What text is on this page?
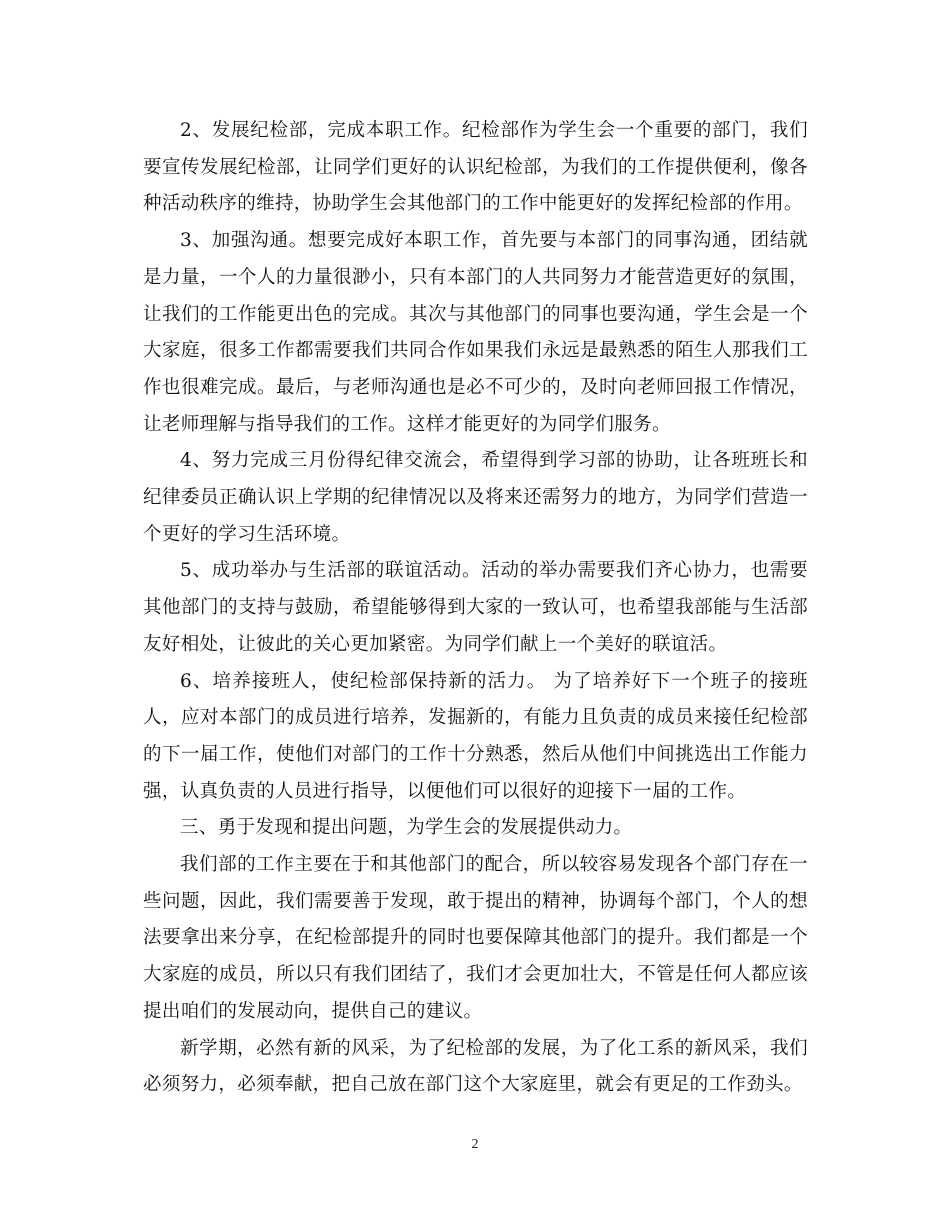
2、发展纪检部，完成本职工作。纪检部作为学生会一个重要的部门，我们要宣传发展纪检部，让同学们更好的认识纪检部，为我们的工作提供便利，像各种活动秩序的维持，协助学生会其他部门的工作中能更好的发挥纪检部的作用。

3、加强沟通。想要完成好本职工作，首先要与本部门的同事沟通，团结就是力量，一个人的力量很渺小，只有本部门的人共同努力才能营造更好的氛围，让我们的工作能更出色的完成。其次与其他部门的同事也要沟通，学生会是一个大家庭，很多工作都需要我们共同合作如果我们永远是最熟悉的陌生人那我们工作也很难完成。最后，与老师沟通也是必不可少的，及时向老师回报工作情况，让老师理解与指导我们的工作。这样才能更好的为同学们服务。

4、努力完成三月份得纪律交流会，希望得到学习部的协助，让各班班长和纪律委员正确认识上学期的纪律情况以及将来还需努力的地方，为同学们营造一个更好的学习生活环境。

5、成功举办与生活部的联谊活动。活动的举办需要我们齐心协力，也需要其他部门的支持与鼓励，希望能够得到大家的一致认可，也希望我部能与生活部友好相处，让彼此的关心更加紧密。为同学们献上一个美好的联谊活。

6、培养接班人，使纪检部保持新的活力。 为了培养好下一个班子的接班人，应对本部门的成员进行培养，发掘新的，有能力且负责的成员来接任纪检部的下一届工作，使他们对部门的工作十分熟悉，然后从他们中间挑选出工作能力强，认真负责的人员进行指导，以便他们可以很好的迎接下一届的工作。

三、勇于发现和提出问题，为学生会的发展提供动力。

我们部的工作主要在于和其他部门的配合，所以较容易发现各个部门存在一些问题，因此，我们需要善于发现，敢于提出的精神，协调每个部门，个人的想法要拿出来分享，在纪检部提升的同时也要保障其他部门的提升。我们都是一个大家庭的成员，所以只有我们团结了，我们才会更加壮大，不管是任何人都应该提出咱们的发展动向，提供自己的建议。

新学期，必然有新的风采，为了纪检部的发展，为了化工系的新风采，我们必须努力，必须奉献，把自己放在部门这个大家庭里，就会有更足的工作劲头。

2
